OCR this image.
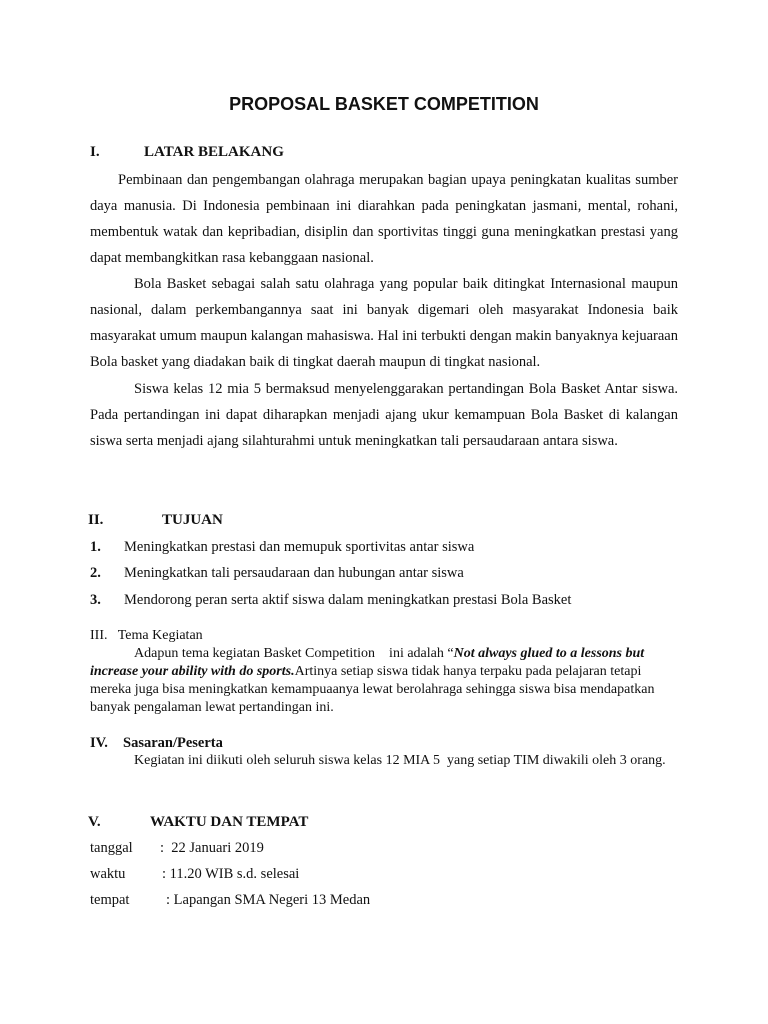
PROPOSAL BASKET COMPETITION
I.	LATAR BELAKANG
Pembinaan dan pengembangan olahraga merupakan bagian upaya peningkatan kualitas sumber daya manusia. Di Indonesia pembinaan ini diarahkan pada peningkatan jasmani, mental, rohani, membentuk watak dan kepribadian, disiplin dan sportivitas tinggi guna meningkatkan prestasi yang dapat membangkitkan rasa kebanggaan nasional.
Bola Basket sebagai salah satu olahraga yang popular baik ditingkat Internasional maupun nasional, dalam perkembangannya saat ini banyak digemari oleh masyarakat Indonesia baik masyarakat umum maupun kalangan mahasiswa. Hal ini terbukti dengan makin banyaknya kejuaraan Bola basket yang diadakan baik di tingkat daerah maupun di tingkat nasional.
Siswa kelas 12 mia 5 bermaksud menyelenggarakan pertandingan Bola Basket Antar siswa. Pada pertandingan ini dapat diharapkan menjadi ajang ukur kemampuan Bola Basket di kalangan siswa serta menjadi ajang silahturahmi untuk meningkatkan tali persaudaraan antara siswa.
II.	TUJUAN
1. Meningkatkan prestasi dan memupuk sportivitas antar siswa
2. Meningkatkan tali persaudaraan dan hubungan antar siswa
3. Mendorong peran serta aktif siswa dalam meningkatkan prestasi Bola Basket
III.   Tema Kegiatan
Adapun tema kegiatan Basket Competition    ini adalah “Not always glued to a lessons but increase your ability with do sports.Artinya setiap siswa tidak hanya terpaku pada pelajaran tetapi mereka juga bisa meningkatkan kemampuaanya lewat berolahraga sehingga siswa bisa mendapatkan banyak pengalaman lewat pertandingan ini.
IV. Sasaran/Peserta
Kegiatan ini diikuti oleh seluruh siswa kelas 12 MIA 5  yang setiap TIM diwakili oleh 3 orang.
V.	WAKTU DAN TEMPAT
tanggal :  22 Januari 2019
waktu	: 11.20 WIB s.d. selesai
tempat	: Lapangan SMA Negeri 13 Medan
